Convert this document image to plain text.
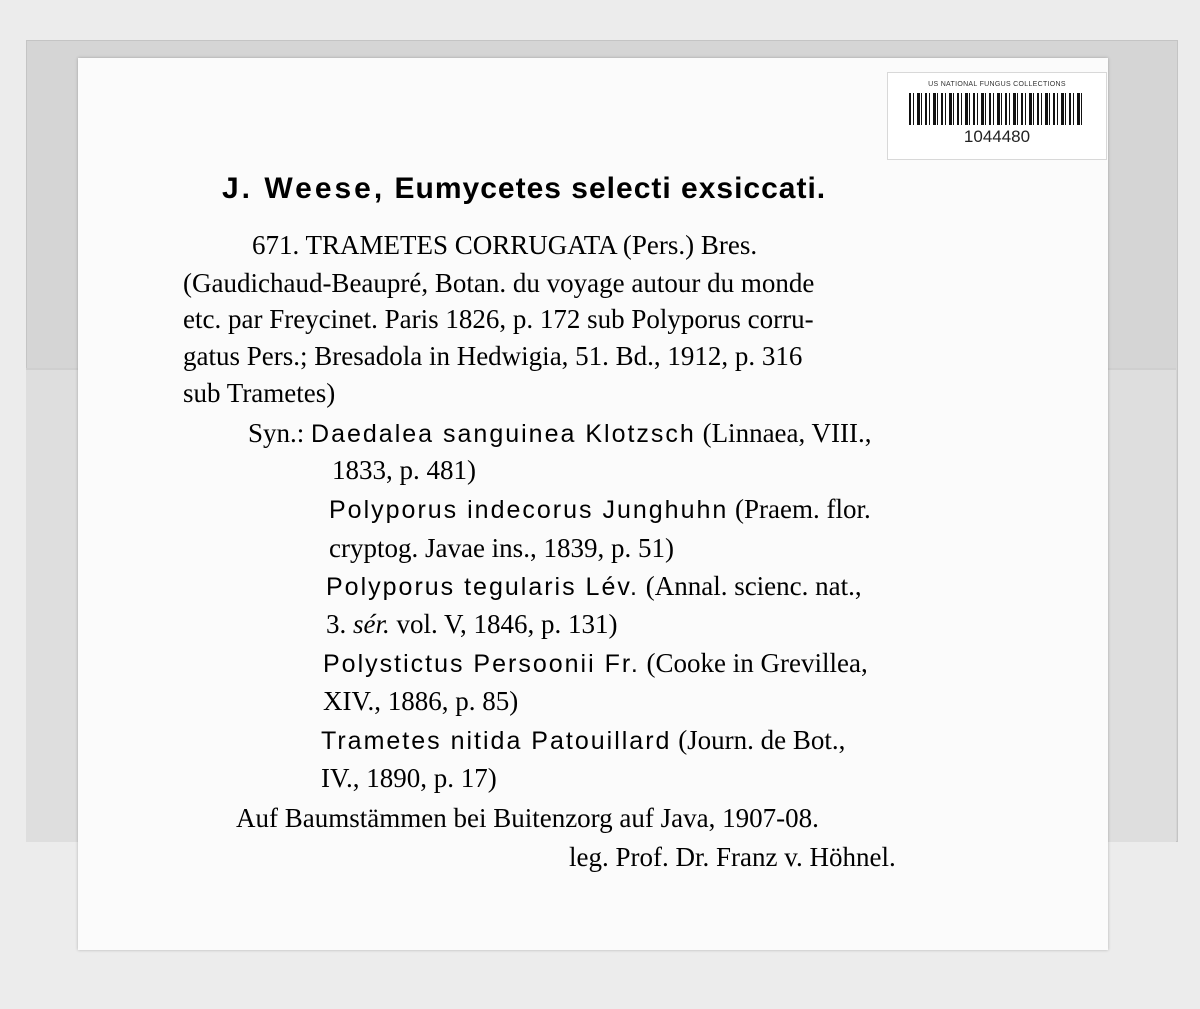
US NATIONAL FUNGUS COLLECTIONS
1044480
J. Weese, Eumycetes selecti exsiccati.
671. TRAMETES CORRUGATA (Pers.) Bres.
(Gaudichaud-Beaupré, Botan. du voyage autour du monde
etc. par Freycinet. Paris 1826, p. 172 sub Polyporus corru-
gatus Pers.; Bresadola in Hedwigia, 51. Bd., 1912, p. 316
sub Trametes)
Syn.: Daedalea sanguinea Klotzsch (Linnaea, VIII.,
1833, p. 481)
Polyporus indecorus Junghuhn (Praem. flor.
cryptog. Javae ins., 1839, p. 51)
Polyporus tegularis Lév. (Annal. scienc. nat.,
3. sér. vol. V, 1846, p. 131)
Polystictus Persoonii Fr. (Cooke in Grevillea,
XIV., 1886, p. 85)
Trametes nitida Patouillard (Journ. de Bot.,
IV., 1890, p. 17)
Auf Baumstämmen bei Buitenzorg auf Java, 1907-08.
leg. Prof. Dr. Franz v. Höhnel.
